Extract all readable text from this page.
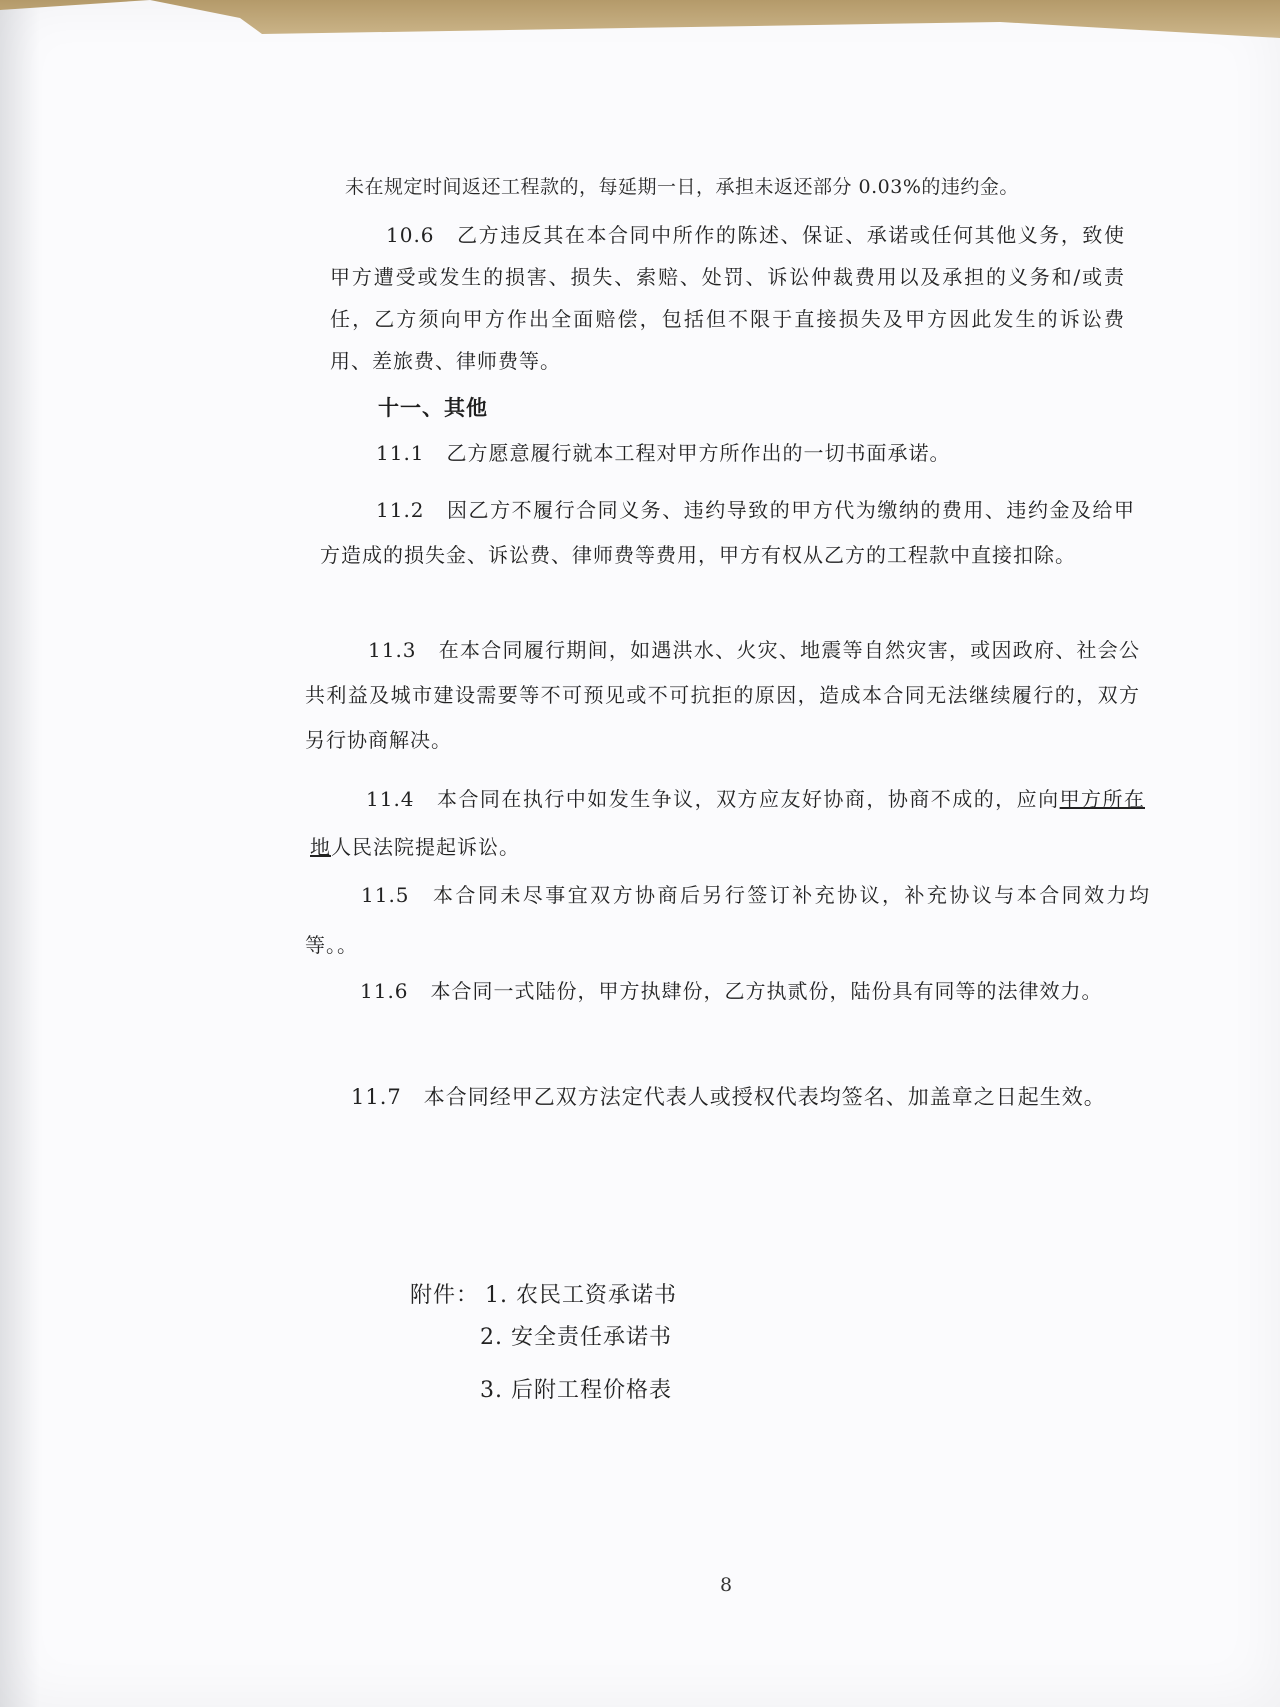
未在规定时间返还工程款的，每延期一日，承担未返还部分 0.03%的违约金。
10.6 乙方违反其在本合同中所作的陈述、保证、承诺或任何其他义务，致使甲方遭受或发生的损害、损失、索赔、处罚、诉讼仲裁费用以及承担的义务和/或责任，乙方须向甲方作出全面赔偿，包括但不限于直接损失及甲方因此发生的诉讼费用、差旅费、律师费等。
十一、其他
11.1 乙方愿意履行就本工程对甲方所作出的一切书面承诺。
11.2 因乙方不履行合同义务、违约导致的甲方代为缴纳的费用、违约金及给甲方造成的损失金、诉讼费、律师费等费用，甲方有权从乙方的工程款中直接扣除。
11.3 在本合同履行期间，如遇洪水、火灾、地震等自然灾害，或因政府、社会公共利益及城市建设需要等不可预见或不可抗拒的原因，造成本合同无法继续履行的，双方另行协商解决。
11.4 本合同在执行中如发生争议，双方应友好协商，协商不成的，应向甲方所在地人民法院提起诉讼。
11.5 本合同未尽事宜双方协商后另行签订补充协议，补充协议与本合同效力均等。。
11.6 本合同一式陆份，甲方执肆份，乙方执贰份，陆份具有同等的法律效力。
11.7 本合同经甲乙双方法定代表人或授权代表均签名、加盖章之日起生效。
附件： 1. 农民工资承诺书
2. 安全责任承诺书
3. 后附工程价格表
8
